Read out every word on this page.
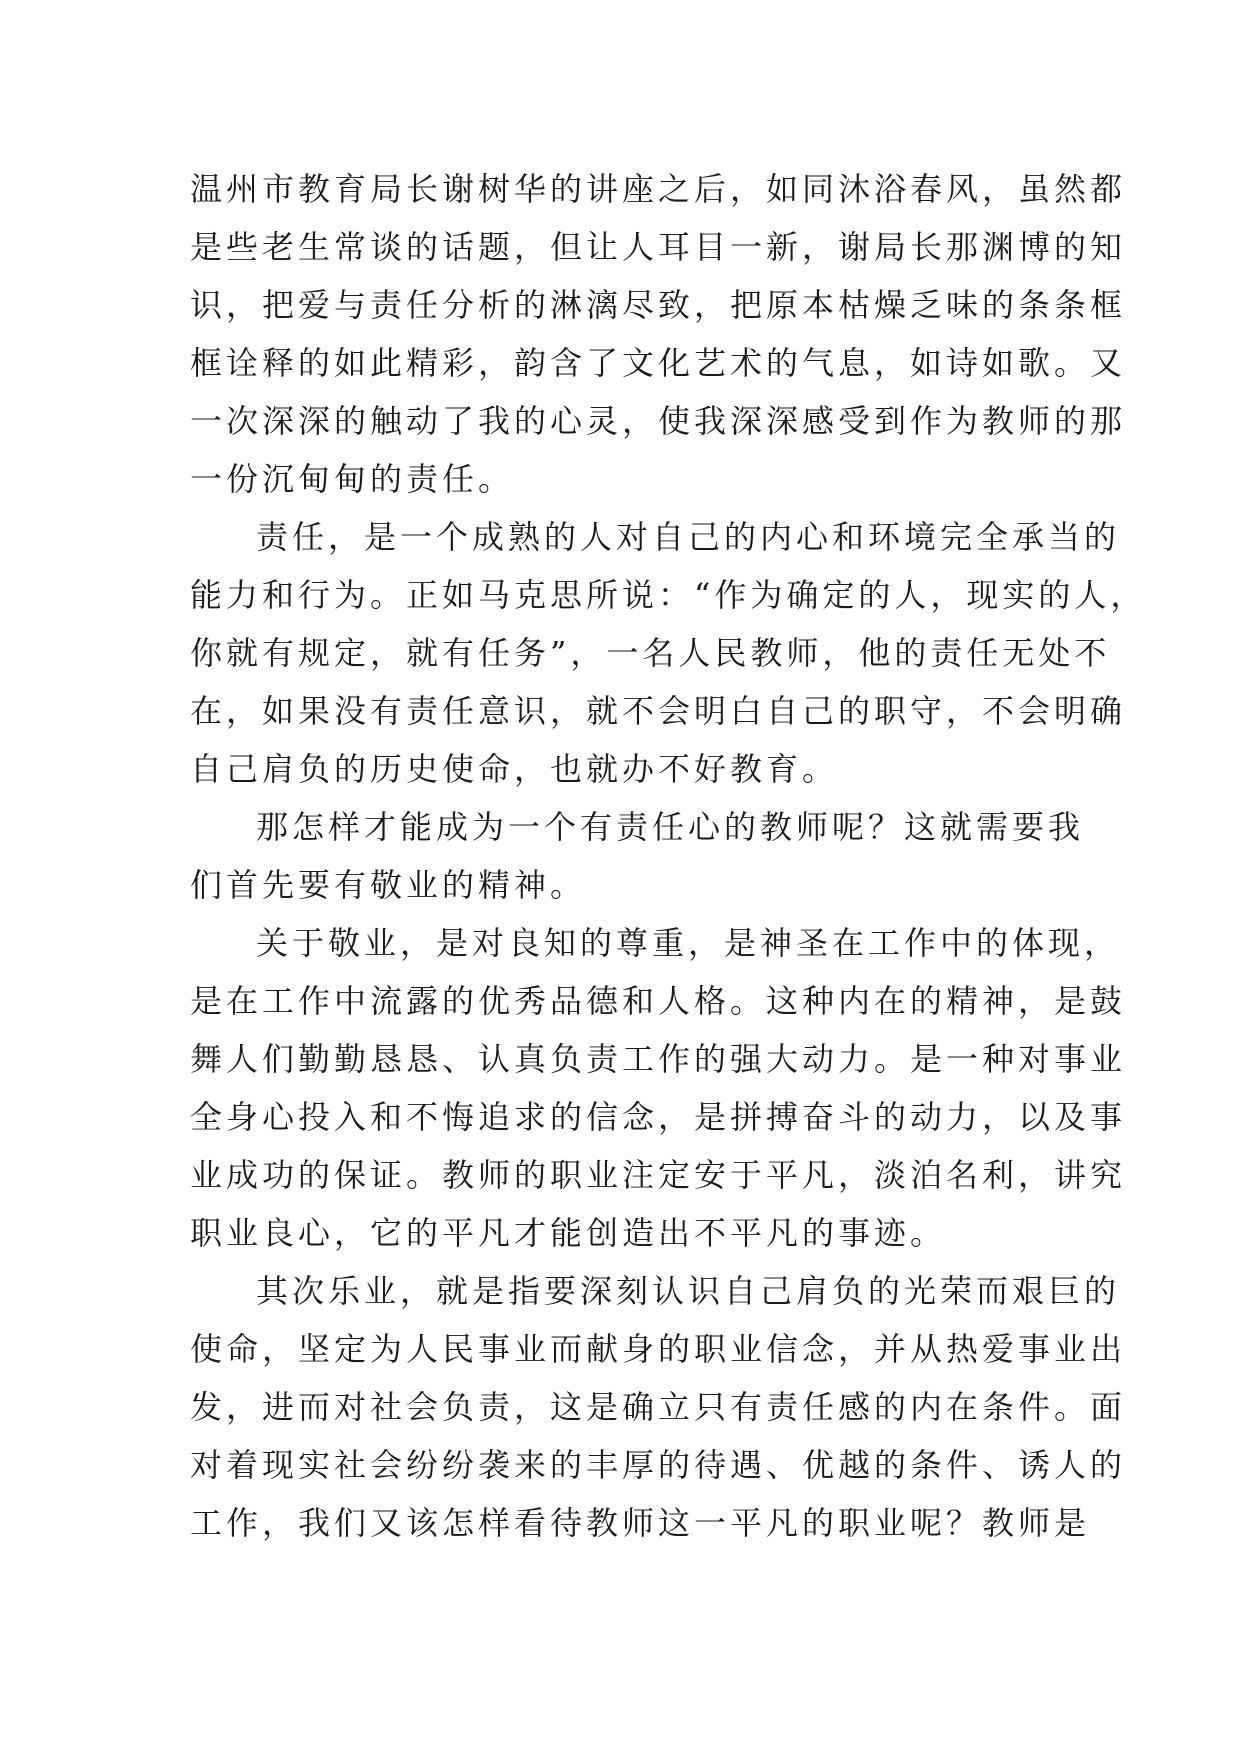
温州市教育局长谢树华的讲座之后，如同沐浴春风，虽然都
是些老生常谈的话题，但让人耳目一新，谢局长那渊博的知
识，把爱与责任分析的淋漓尽致，把原本枯燥乏味的条条框
框诠释的如此精彩，韵含了文化艺术的气息，如诗如歌。又
一次深深的触动了我的心灵，使我深深感受到作为教师的那
一份沉甸甸的责任。
责任，是一个成熟的人对自己的内心和环境完全承当的
能力和行为。正如马克思所说：“作为确定的人，现实的人，
你就有规定，就有任务”，一名人民教师，他的责任无处不
在，如果没有责任意识，就不会明白自己的职守，不会明确
自己肩负的历史使命，也就办不好教育。
那怎样才能成为一个有责任心的教师呢？这就需要我
们首先要有敬业的精神。
关于敬业，是对良知的尊重，是神圣在工作中的体现，
是在工作中流露的优秀品德和人格。这种内在的精神，是鼓
舞人们勤勤恳恳、认真负责工作的强大动力。是一种对事业
全身心投入和不悔追求的信念，是拼搏奋斗的动力，以及事
业成功的保证。教师的职业注定安于平凡，淡泊名利，讲究
职业良心，它的平凡才能创造出不平凡的事迹。
其次乐业，就是指要深刻认识自己肩负的光荣而艰巨的
使命，坚定为人民事业而献身的职业信念，并从热爱事业出
发，进而对社会负责，这是确立只有责任感的内在条件。面
对着现实社会纷纷袭来的丰厚的待遇、优越的条件、诱人的
工作，我们又该怎样看待教师这一平凡的职业呢？教师是
